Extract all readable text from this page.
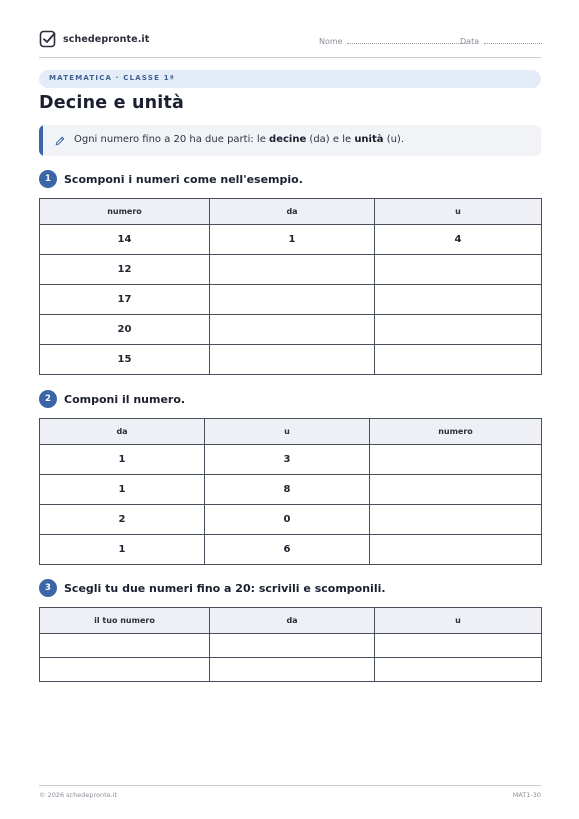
schedepronte.it	Nome	Data
MATEMATICA · CLASSE 1ª
Decine e unità
Ogni numero fino a 20 ha due parti: le decine (da) e le unità (u).
1	Scomponi i numeri come nell'esempio.
numero	da	u
14	1	4
12		
17		
20		
15		
2	Componi il numero.
da	u	numero
1	3	
1	8	
2	0	
1	6	
3	Scegli tu due numeri fino a 20: scrivili e scomponili.
il tuo numero	da	u

© 2026 schedepronte.it	MAT1-30
